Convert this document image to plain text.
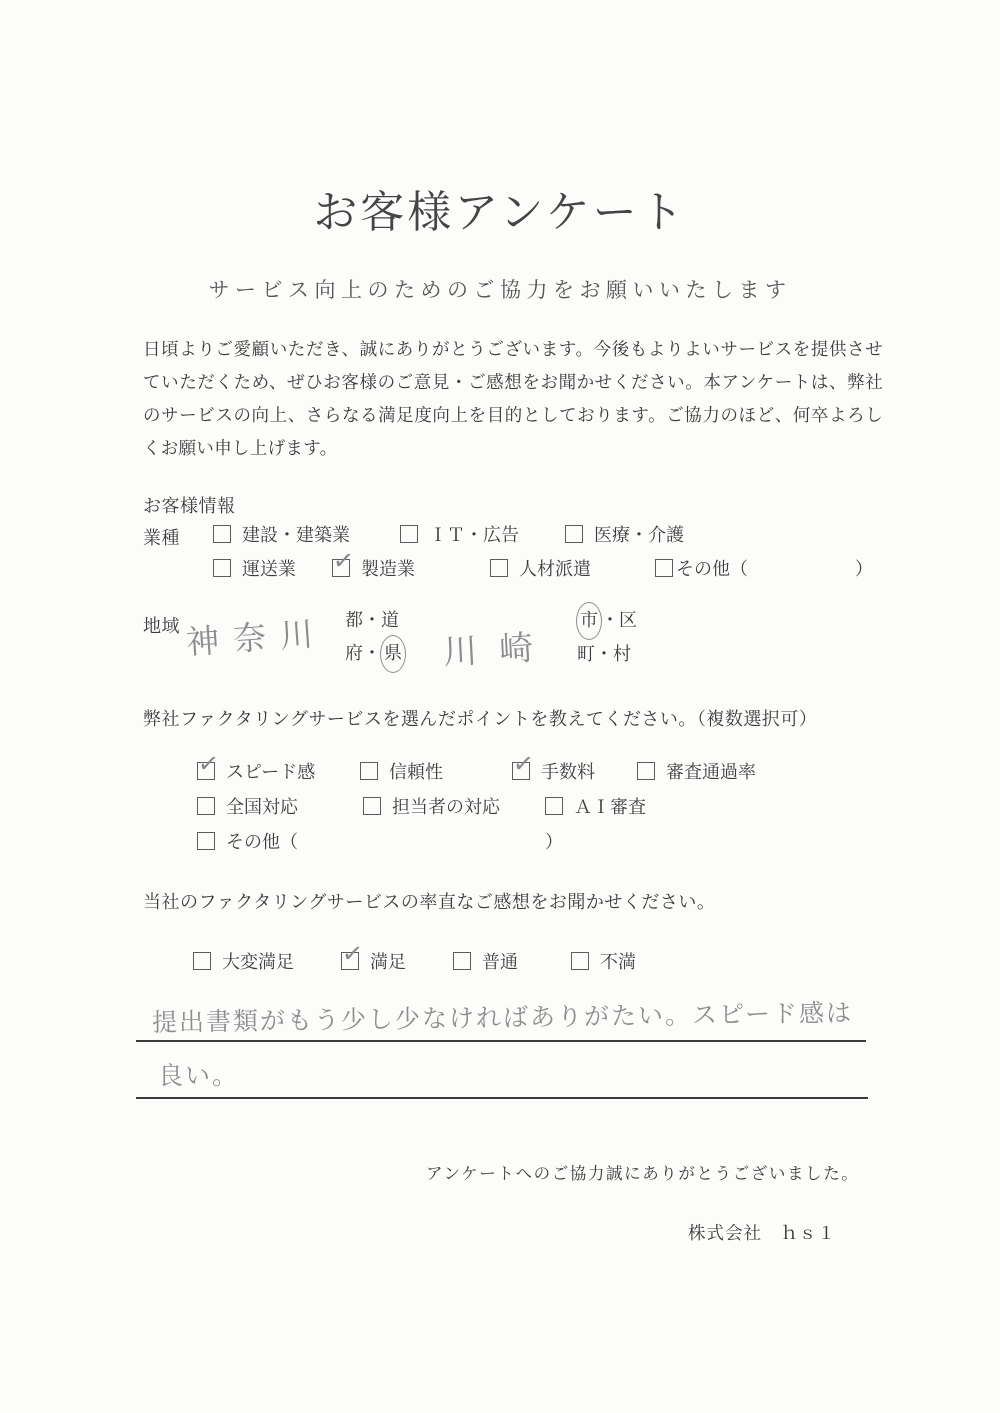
お客様アンケート
サービス向上のためのご協力をお願いいたします

日頃よりご愛顧いただき、誠にありがとうございます。今後もよりよいサービスを提供させていただくため、ぜひお客様のご意見・ご感想をお聞かせください。本アンケートは、弊社のサービスの向上、さらなる満足度向上を目的としております。ご協力のほど、何卒よろしくお願い申し上げます。

お客様情報
業種	建設・建築業	ＩＴ・広告	医療・介護
運送業 ✓ 製造業	人材派遣	その他（	）
地域 神奈川 都・道
府・ 県 川崎
市 ・区
町・村
弊社ファクタリングサービスを選んだポイントを教えてください。（複数選択可）
✓ スピード感	信頼性	✓ 手数料	審査通過率
全国対応	担当者の対応	ＡＩ審査
その他（	）
当社のファクタリングサービスの率直なご感想をお聞かせください。
大変満足 ✓ 満足	普通	不満
提出書類がもう少し少なければありがたい。スピード感は
良い。
アンケートへのご協力誠にありがとうございました。
株式会社　ｈｓ１
